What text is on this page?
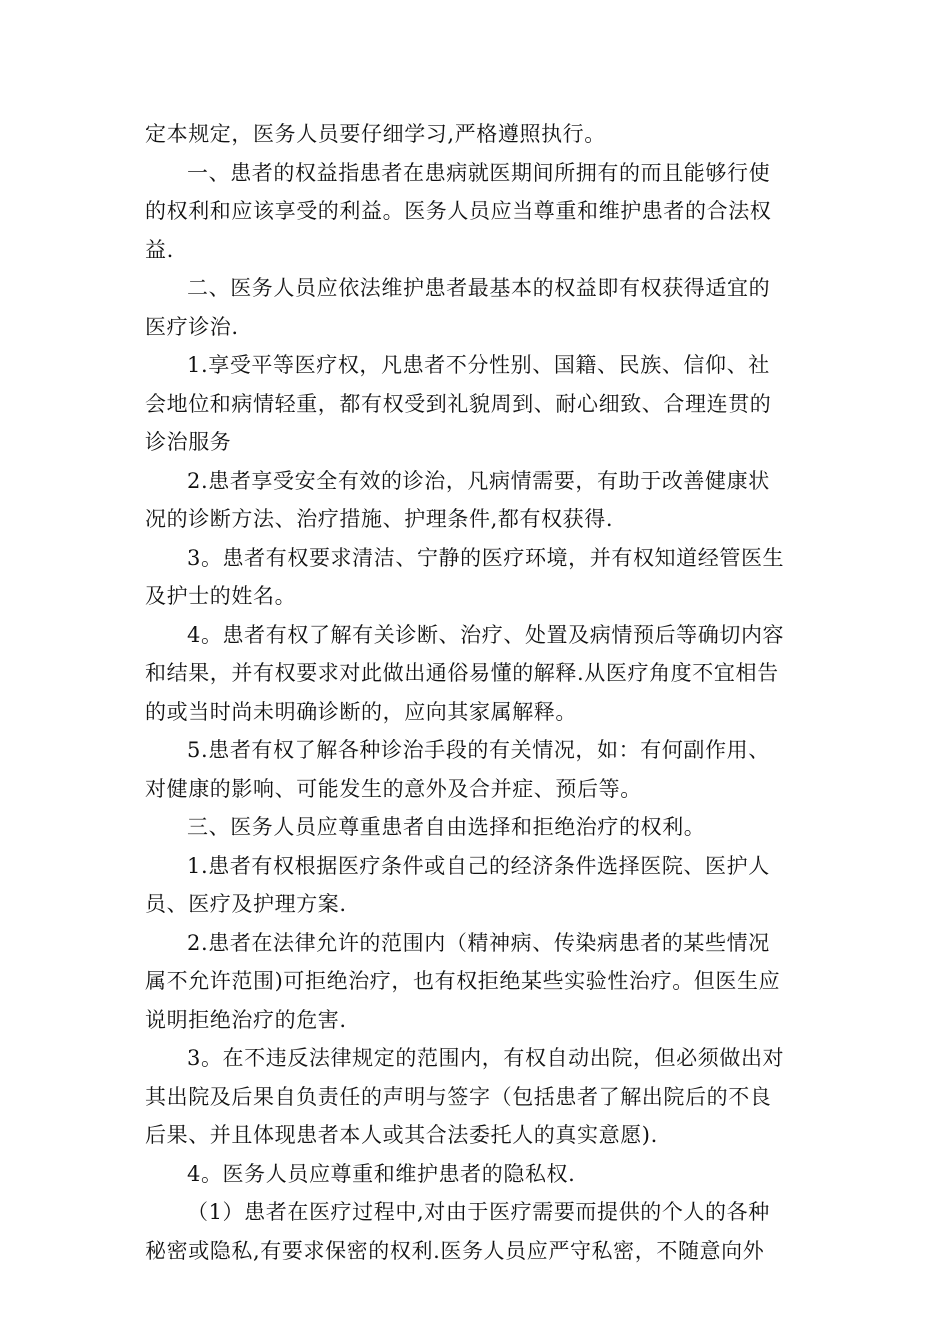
定本规定，医务人员要仔细学习,严格遵照执行。
一、患者的权益指患者在患病就医期间所拥有的而且能够行使
的权利和应该享受的利益。医务人员应当尊重和维护患者的合法权
益.
二、医务人员应依法维护患者最基本的权益即有权获得适宜的
医疗诊治.
1.享受平等医疗权，凡患者不分性别、国籍、民族、信仰、社
会地位和病情轻重，都有权受到礼貌周到、耐心细致、合理连贯的
诊治服务
2.患者享受安全有效的诊治，凡病情需要，有助于改善健康状
况的诊断方法、治疗措施、护理条件,都有权获得.
3。患者有权要求清洁、宁静的医疗环境，并有权知道经管医生
及护士的姓名。
4。患者有权了解有关诊断、治疗、处置及病情预后等确切内容
和结果，并有权要求对此做出通俗易懂的解释.从医疗角度不宜相告
的或当时尚未明确诊断的，应向其家属解释。
5.患者有权了解各种诊治手段的有关情况，如：有何副作用、
对健康的影响、可能发生的意外及合并症、预后等。
三、医务人员应尊重患者自由选择和拒绝治疗的权利。
1.患者有权根据医疗条件或自己的经济条件选择医院、医护人
员、医疗及护理方案.
2.患者在法律允许的范围内（精神病、传染病患者的某些情况
属不允许范围)可拒绝治疗，也有权拒绝某些实验性治疗。但医生应
说明拒绝治疗的危害.
3。在不违反法律规定的范围内，有权自动出院，但必须做出对
其出院及后果自负责任的声明与签字（包括患者了解出院后的不良
后果、并且体现患者本人或其合法委托人的真实意愿).
4。医务人员应尊重和维护患者的隐私权.
（1）患者在医疗过程中,对由于医疗需要而提供的个人的各种
秘密或隐私,有要求保密的权利.医务人员应严守私密，不随意向外
